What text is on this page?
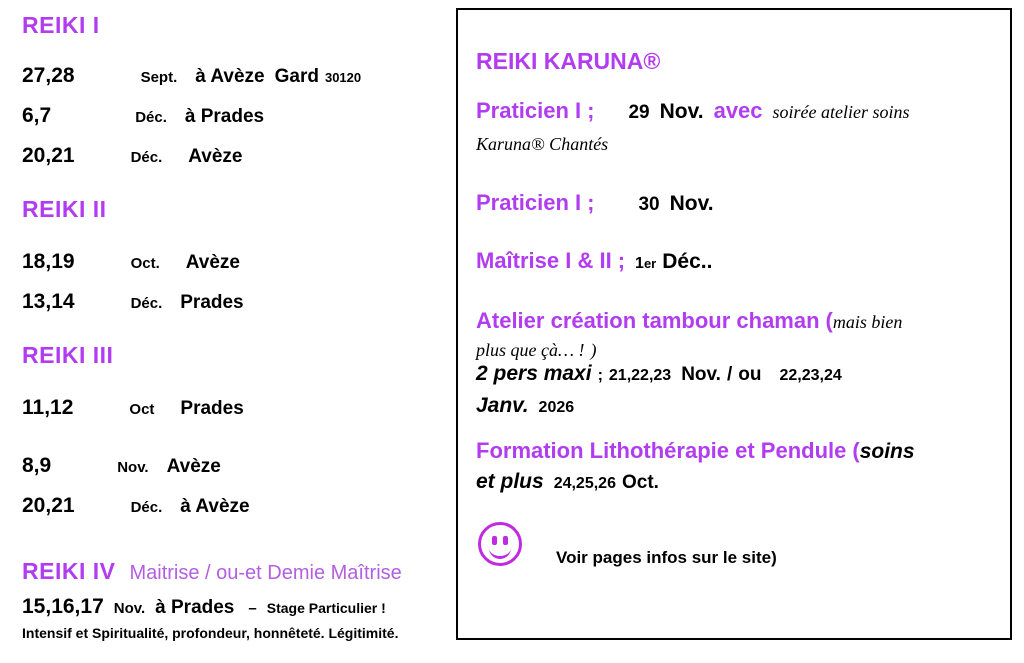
REIKI I
27,28	Sept. à Avèze Gard 30120
6,7	Déc. à Prades
20,21	Déc. Avèze
REIKI II
18,19	Oct. Avèze
13,14	Déc. Prades
REIKI III
11,12	Oct Prades
8,9	Nov. Avèze
20,21	Déc. à Avèze
REIKI IV Maitrise / ou-et Demie Maîtrise
15,16,17 Nov. à Prades – Stage Particulier !
Intensif et Spiritualité, profondeur, honnêteté. Légitimité.
REIKI KARUNA®
Praticien I ; 29 Nov. avec soirée atelier soins
Karuna® Chantés
Praticien I ; 30 Nov.
Maîtrise I & II ; 1 er Déc..
Atelier création tambour chaman ( mais bien
plus que çà… ! )
2 pers maxi ; 21,22,23 Nov. / ou 22,23,24
Janv. 2026
Formation Lithothérapie et Pendule ( soins
et plus 24,25,26 Oct.
Voir pages infos sur le site)
